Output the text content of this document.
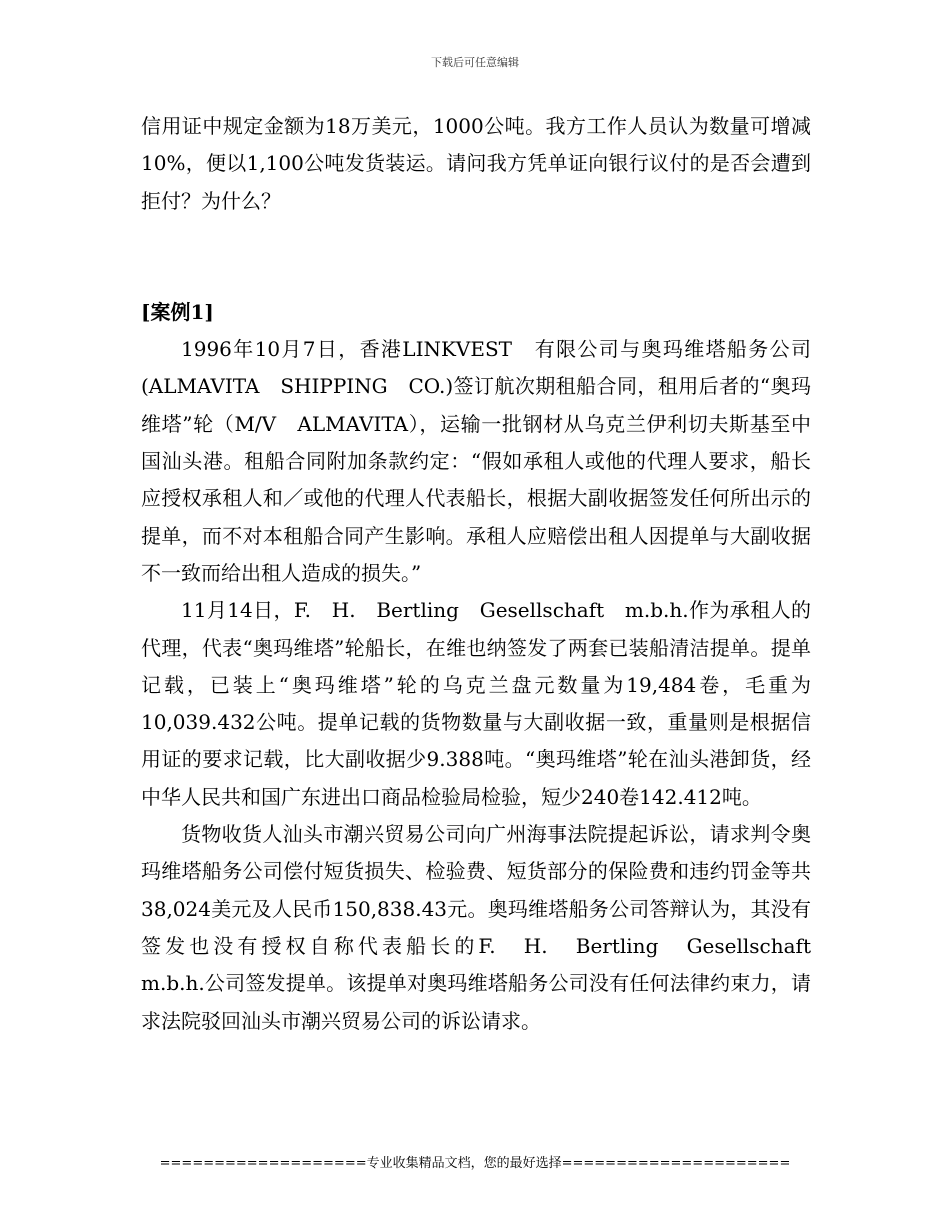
下载后可任意编辑

信用证中规定金额为18万美元，1000公吨。我方工作人员认为数量可增减10%，便以1,100公吨发货装运。请问我方凭单证向银行议付的是否会遭到拒付？为什么？

[案例1]

1996年10月7日，香港LINKVEST　有限公司与奥玛维塔船务公司(ALMAVITA　SHIPPING　CO.)签订航次期租船合同，租用后者的“奥玛维塔”轮（M/V　ALMAVITA），运输一批钢材从乌克兰伊利切夫斯基至中国汕头港。租船合同附加条款约定：“假如承租人或他的代理人要求，船长应授权承租人和／或他的代理人代表船长，根据大副收据签发任何所出示的提单，而不对本租船合同产生影响。承租人应赔偿出租人因提单与大副收据不一致而给出租人造成的损失。”

11月14日，F.　H.　Bertling　Gesellschaft　m.b.h.作为承租人的代理，代表“奥玛维塔”轮船长，在维也纳签发了两套已装船清洁提单。提单记载，已装上“奥玛维塔”轮的乌克兰盘元数量为19,484卷，毛重为10,039.432公吨。提单记载的货物数量与大副收据一致，重量则是根据信用证的要求记载，比大副收据少9.388吨。“奥玛维塔”轮在汕头港卸货，经中华人民共和国广东进出口商品检验局检验，短少240卷142.412吨。

货物收货人汕头市潮兴贸易公司向广州海事法院提起诉讼，请求判令奥玛维塔船务公司偿付短货损失、检验费、短货部分的保险费和违约罚金等共38,024美元及人民币150,838.43元。奥玛维塔船务公司答辩认为，其没有签发也没有授权自称代表船长的F.　H.　Bertling　Gesellschaft　m.b.h.公司签发提单。该提单对奥玛维塔船务公司没有任何法律约束力，请求法院驳回汕头市潮兴贸易公司的诉讼请求。

===================专业收集精品文档，您的最好选择=====================
